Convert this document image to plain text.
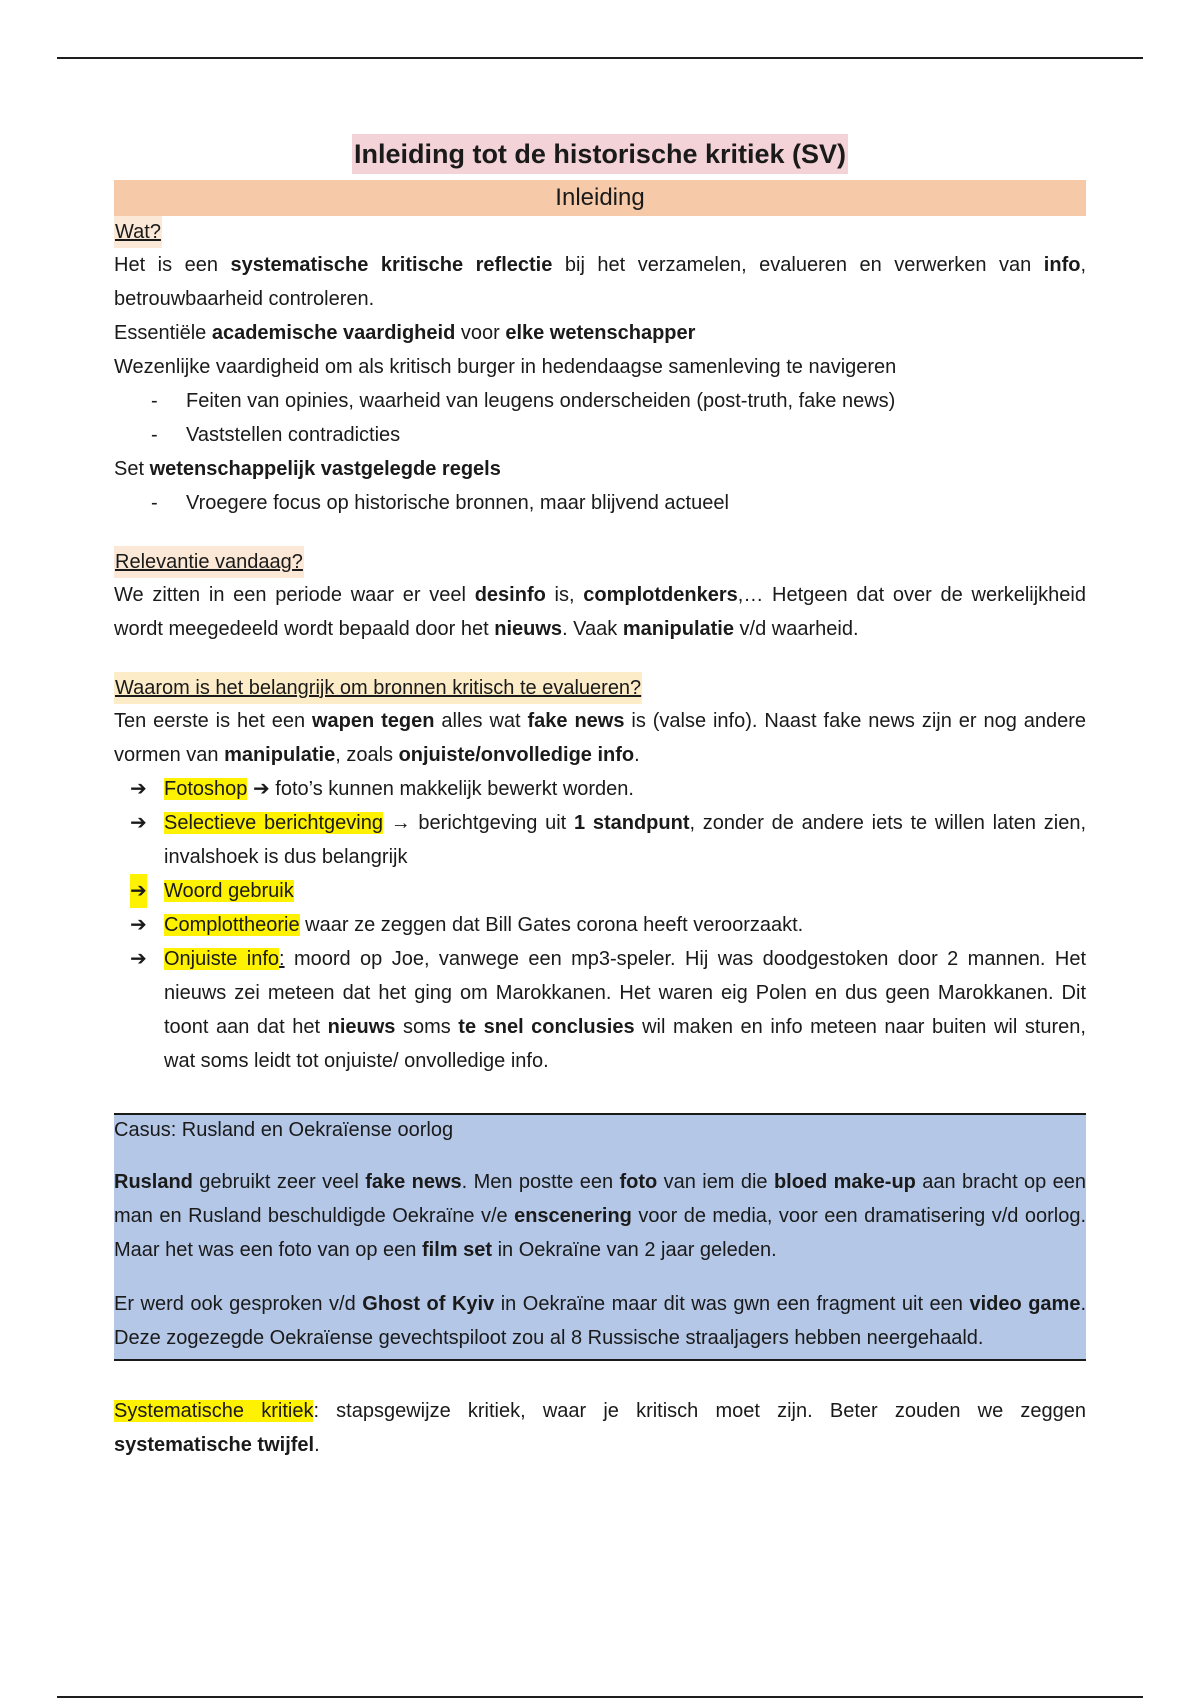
Inleiding tot de historische kritiek (SV)
Inleiding
Wat?

Het is een systematische kritische reflectie bij het verzamelen, evalueren en verwerken van info, betrouwbaarheid controleren.

Essentiële academische vaardigheid voor elke wetenschapper

Wezenlijke vaardigheid om als kritisch burger in hedendaagse samenleving te navigeren

- Feiten van opinies, waarheid van leugens onderscheiden (post-truth, fake news)
- Vaststellen contradicties

Set wetenschappelijk vastgelegde regels

- Vroegere focus op historische bronnen, maar blijvend actueel
Relevantie vandaag?

We zitten in een periode waar er veel desinfo is, complotdenkers,… Hetgeen dat over de werkelijkheid wordt meegedeeld wordt bepaald door het nieuws. Vaak manipulatie v/d waarheid.

Waarom is het belangrijk om bronnen kritisch te evalueren?

Ten eerste is het een wapen tegen alles wat fake news is (valse info). Naast fake news zijn er nog andere vormen van manipulatie, zoals onjuiste/onvolledige info.

➔ Fotoshop ➔ foto’s kunnen makkelijk bewerkt worden.
➔ Selectieve berichtgeving → berichtgeving uit 1 standpunt, zonder de andere iets te willen laten zien, invalshoek is dus belangrijk
➔ Woord gebruik
➔ Complottheorie waar ze zeggen dat Bill Gates corona heeft veroorzaakt.
➔ Onjuiste info: moord op Joe, vanwege een mp3-speler. Hij was doodgestoken door 2 mannen. Het nieuws zei meteen dat het ging om Marokkanen. Het waren eig Polen en dus geen Marokkanen. Dit toont aan dat het nieuws soms te snel conclusies wil maken en info meteen naar buiten wil sturen, wat soms leidt tot onjuiste/ onvolledige info.

Casus: Rusland en Oekraïense oorlog

Rusland gebruikt zeer veel fake news. Men postte een foto van iem die bloed make-up aan bracht op een man en Rusland beschuldigde Oekraïne v/e enscenering voor de media, voor een dramatisering v/d oorlog. Maar het was een foto van op een film set in Oekraïne van 2 jaar geleden.

Er werd ook gesproken v/d Ghost of Kyiv in Oekraïne maar dit was gwn een fragment uit een video game. Deze zogezegde Oekraïense gevechtspiloot zou al 8 Russische straaljagers hebben neergehaald.

Systematische kritiek: stapsgewijze kritiek, waar je kritisch moet zijn. Beter zouden we zeggen systematische twijfel.
